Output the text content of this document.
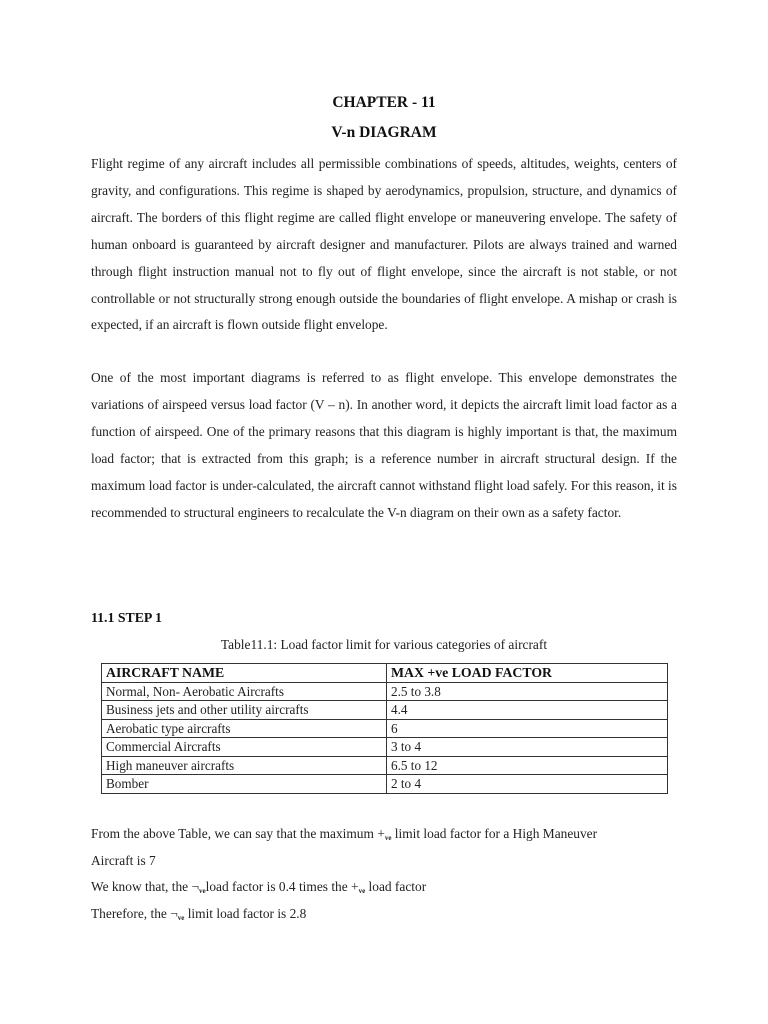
CHAPTER - 11
V-n DIAGRAM

Flight regime of any aircraft includes all permissible combinations of speeds, altitudes, weights, centers of gravity, and configurations. This regime is shaped by aerodynamics, propulsion, structure, and dynamics of aircraft. The borders of this flight regime are called flight envelope or maneuvering envelope. The safety of human onboard is guaranteed by aircraft designer and manufacturer. Pilots are always trained and warned through flight instruction manual not to fly out of flight envelope, since the aircraft is not stable, or not controllable or not structurally strong enough outside the boundaries of flight envelope. A mishap or crash is expected, if an aircraft is flown outside flight envelope.

One of the most important diagrams is referred to as flight envelope. This envelope demonstrates the variations of airspeed versus load factor (V – n). In another word, it depicts the aircraft limit load factor as a function of airspeed. One of the primary reasons that this diagram is highly important is that, the maximum load factor; that is extracted from this graph; is a reference number in aircraft structural design. If the maximum load factor is under-calculated, the aircraft cannot withstand flight load safely. For this reason, it is recommended to structural engineers to recalculate the V-n diagram on their own as a safety factor.

11.1 STEP 1
Table11.1: Load factor limit for various categories of aircraft
AIRCRAFT NAME	MAX +ve LOAD FACTOR
Normal, Non- Aerobatic Aircrafts	2.5 to 3.8
Business jets and other utility aircrafts	4.4
Aerobatic type aircrafts	6
Commercial Aircrafts	3 to 4
High maneuver aircrafts	6.5 to 12
Bomber	2 to 4
From the above Table, we can say that the maximum $+_{ve}$ limit load factor for a High Maneuver
Aircraft is 7
We know that, the $\neg_{ve}load$ factor is 0.4 times the $+_{ve}$ load factor
Therefore, the $\neg_{ve}$ limit load factor is 2.8
